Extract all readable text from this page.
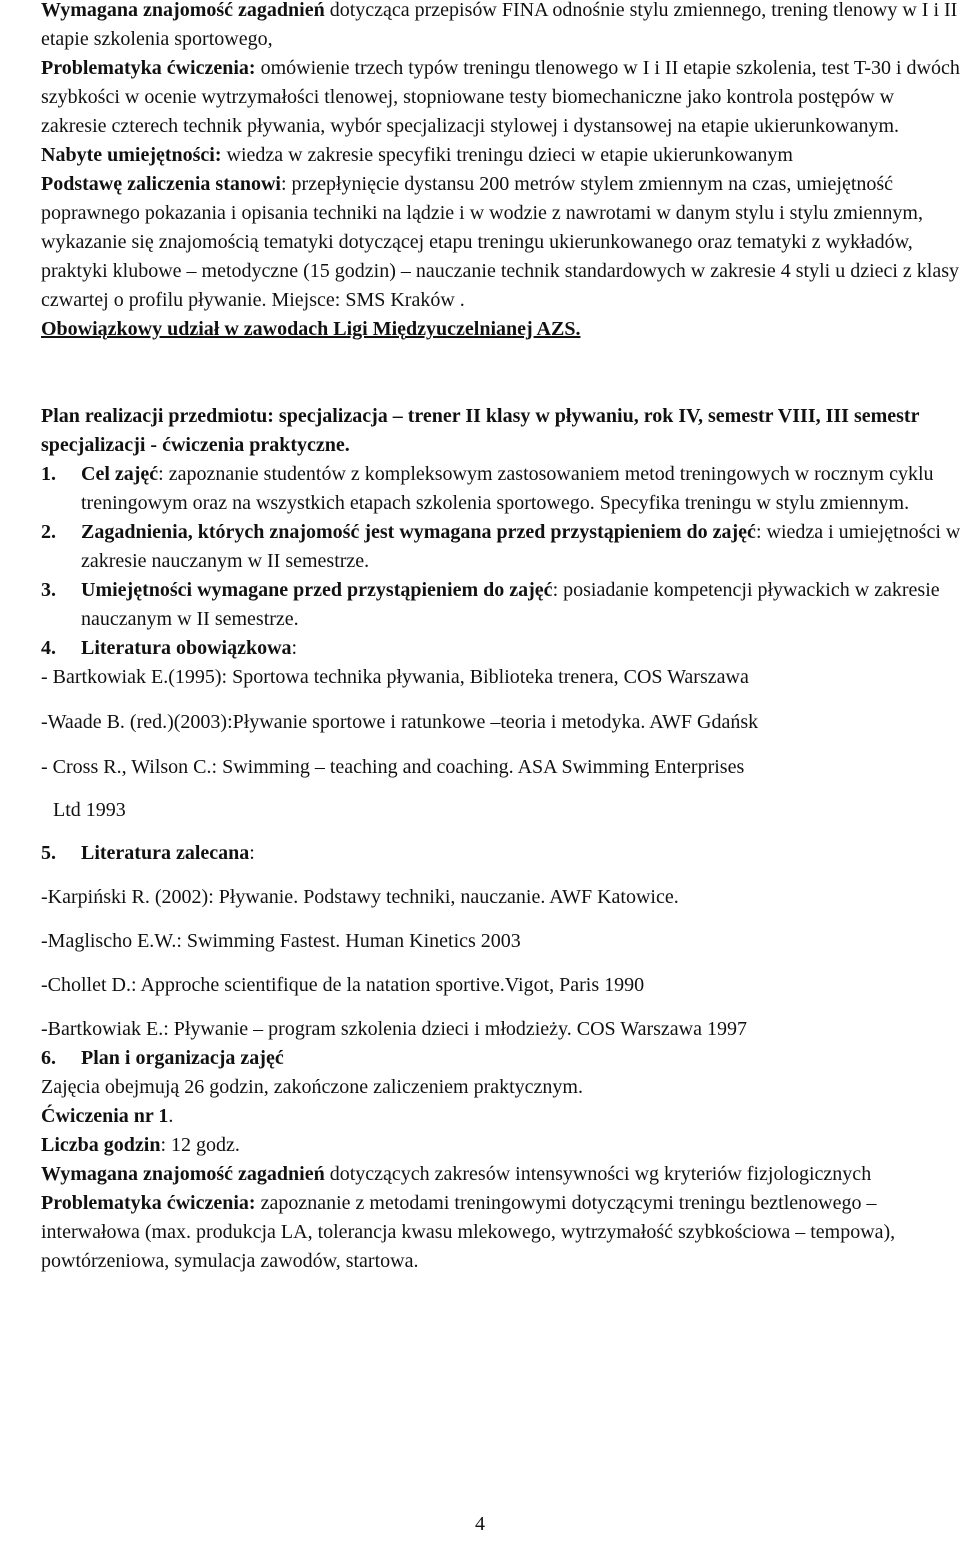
Wymagana znajomość zagadnień dotycząca przepisów FINA odnośnie stylu zmiennego, trening tlenowy w I i II etapie szkolenia sportowego,

Problematyka ćwiczenia: omówienie trzech typów treningu tlenowego w I i II etapie szkolenia, test T-30 i dwóch szybkości w ocenie wytrzymałości tlenowej, stopniowane testy biomechaniczne jako kontrola postępów w zakresie czterech technik pływania, wybór specjalizacji stylowej i dystansowej na etapie ukierunkowanym.

Nabyte umiejętności: wiedza w zakresie specyfiki treningu dzieci w etapie ukierunkowanym

Podstawę zaliczenia stanowi: przepłynięcie dystansu 200 metrów stylem zmiennym na czas, umiejętność poprawnego pokazania i opisania techniki na lądzie i w wodzie z nawrotami w danym stylu i stylu zmiennym, wykazanie się znajomością tematyki dotyczącej etapu treningu ukierunkowanego oraz tematyki z wykładów, praktyki klubowe – metodyczne (15 godzin) – nauczanie technik standardowych w zakresie 4 styli u dzieci z klasy czwartej o profilu pływanie. Miejsce: SMS Kraków .

Obowiązkowy udział w zawodach Ligi Międzyuczelnianej AZS.

Plan realizacji przedmiotu: specjalizacja – trener II klasy w pływaniu, rok IV, semestr VIII, III semestr specjalizacji - ćwiczenia praktyczne.

1.	Cel zajęć: zapoznanie studentów z kompleksowym zastosowaniem metod treningowych w rocznym cyklu treningowym oraz na wszystkich etapach szkolenia sportowego. Specyfika treningu w stylu zmiennym.
2.	Zagadnienia, których znajomość jest wymagana przed przystąpieniem do zajęć: wiedza i umiejętności w zakresie nauczanym w II semestrze.
3.	Umiejętności wymagane przed przystąpieniem do zajęć: posiadanie kompetencji pływackich w zakresie nauczanym w II semestrze.
4.	Literatura obowiązkowa:

- Bartkowiak E.(1995): Sportowa technika pływania, Biblioteka trenera, COS Warszawa

-Waade B. (red.)(2003):Pływanie sportowe i ratunkowe –teoria i metodyka. AWF Gdańsk

- Cross R., Wilson C.: Swimming – teaching and coaching. ASA Swimming Enterprises

Ltd 1993

5.	Literatura zalecana:

-Karpiński R. (2002): Pływanie. Podstawy techniki, nauczanie. AWF Katowice.

-Maglischo E.W.: Swimming Fastest. Human Kinetics 2003

-Chollet D.: Approche scientifique de la natation sportive.Vigot, Paris 1990

-Bartkowiak E.: Pływanie – program szkolenia dzieci i młodzieży. COS Warszawa 1997

6.	Plan i organizacja zajęć

Zajęcia obejmują 26 godzin, zakończone zaliczeniem praktycznym.

Ćwiczenia nr 1.

Liczba godzin: 12 godz.

Wymagana znajomość zagadnień dotyczących zakresów intensywności wg kryteriów fizjologicznych

Problematyka ćwiczenia: zapoznanie z metodami treningowymi dotyczącymi treningu beztlenowego – interwałowa (max. produkcja LA, tolerancja kwasu mlekowego, wytrzymałość szybkościowa – tempowa), powtórzeniowa, symulacja zawodów, startowa.

4
